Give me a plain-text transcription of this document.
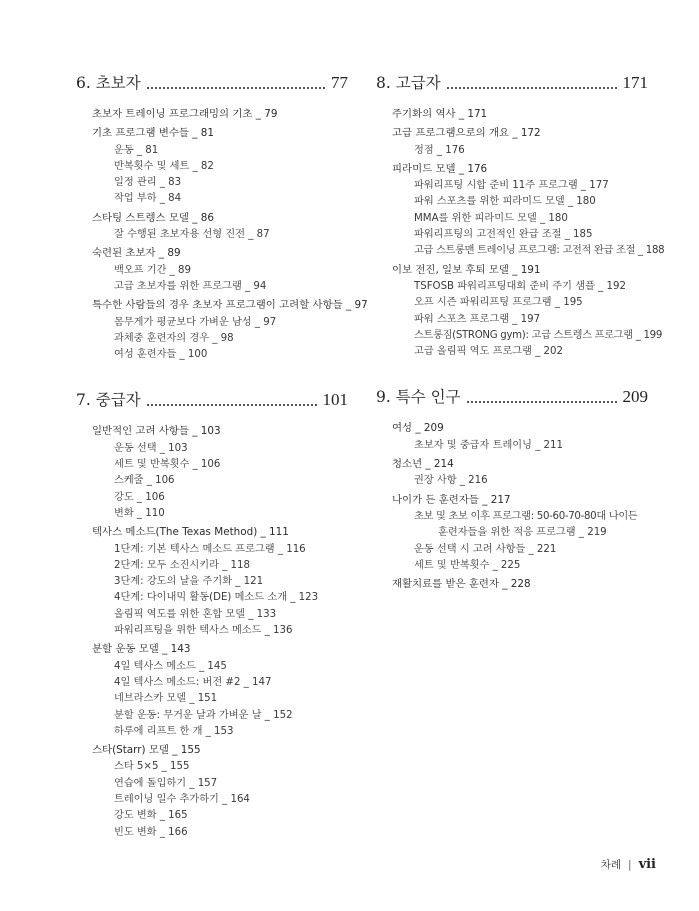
6. 초보자	77
초보자 트레이닝 프로그래밍의 기초 _ 79
기초 프로그램 변수들 _ 81
운동 _ 81
반복횟수 및 세트 _ 82
일정 관리 _ 83
작업 부하 _ 84
스타팅 스트렝스 모델 _ 86
잘 수행된 초보자용 선형 진전 _ 87
숙련된 초보자 _ 89
백오프 기간 _ 89
고급 초보자를 위한 프로그램 _ 94
특수한 사람들의 경우 초보자 프로그램이 고려할 사항들 _ 97
몸무게가 평균보다 가벼운 남성 _ 97
과체중 훈련자의 경우 _ 98
여성 훈련자들 _ 100
7. 중급자	101
일반적인 고려 사항들 _ 103
운동 선택 _ 103
세트 및 반복횟수 _ 106
스케줄 _ 106
강도 _ 106
변화 _ 110
텍사스 메소드(The Texas Method) _ 111
1단계: 기본 텍사스 메소드 프로그램 _ 116
2단계: 모두 소진시키라 _ 118
3단계: 강도의 날을 주기화 _ 121
4단계: 다이내믹 활동(DE) 메소드 소개 _ 123
올림픽 역도를 위한 혼합 모델 _ 133
파워리프팅을 위한 텍사스 메소드 _ 136
분할 운동 모델 _ 143
4일 텍사스 메소드 _ 145
4일 텍사스 메소드: 버전 #2 _ 147
네브라스카 모델 _ 151
분할 운동: 무거운 날과 가벼운 날 _ 152
하루에 리프트 한 개 _ 153
스타(Starr) 모델 _ 155
스타 5×5 _ 155
연습에 돌입하기 _ 157
트레이닝 일수 추가하기 _ 164
강도 변화 _ 165
빈도 변화 _ 166
8. 고급자	171
주기화의 역사 _ 171
고급 프로그램으로의 개요 _ 172
정점 _ 176
피라미드 모델 _ 176
파워리프팅 시합 준비 11주 프로그램 _ 177
파워 스포츠를 위한 피라미드 모델 _ 180
MMA를 위한 피라미드 모델 _ 180
파워리프팅의 고전적인 완급 조절 _ 185
고급 스트롱맨 트레이닝 프로그램: 고전적 완급 조절 _ 188
이보 전진, 일보 후퇴 모델 _ 191
TSFOSB 파워리프팅대회 준비 주기 샘플 _ 192
오프 시즌 파워리프팅 프로그램 _ 195
파워 스포츠 프로그램 _ 197
스트롱짐(STRONG gym): 고급 스트렝스 프로그램 _ 199
고급 올림픽 역도 프로그램 _ 202
9. 특수 인구	209
여성 _ 209
초보자 및 중급자 트레이닝 _ 211
청소년 _ 214
권장 사항 _ 216
나이가 든 훈련자들 _ 217
초보 및 초보 이후 프로그램: 50-60-70-80대 나이든
훈련자들을 위한 적응 프로그램 _ 219
운동 선택 시 고려 사항들 _ 221
세트 및 반복횟수 _ 225
재활치료를 받은 훈련자 _ 228
차례 | vii
